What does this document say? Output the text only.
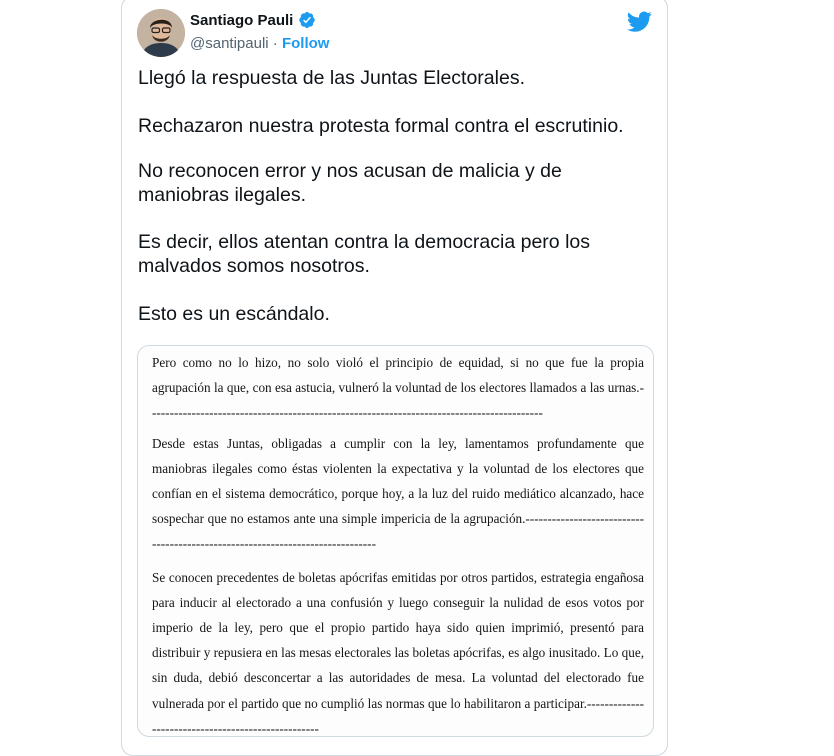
Santiago Pauli
@santipauli · Follow

Llegó la respuesta de las Juntas Electorales.

Rechazaron nuestra protesta formal contra el escrutinio.

No reconocen error y nos acusan de malicia y de
maniobras ilegales.

Es decir, ellos atentan contra la democracia pero los
malvados somos nosotros.

Esto es un escándalo.

Pero como no lo hizo, no solo violó el principio de equidad, si no que fue la propia agrupación la que, con esa astucia, vulneró la voluntad de los electores llamados a las urnas.------------------------------------------------------------------------------------------

Desde estas Juntas, obligadas a cumplir con la ley, lamentamos profundamente que maniobras ilegales como éstas violenten la expectativa y la voluntad de los electores que confían en el sistema democrático, porque hoy, a la luz del ruido mediático alcanzado, hace sospechar que no estamos ante una simple impericia de la agrupación.------------------------------------------------------------------------------

Se conocen precedentes de boletas apócrifas emitidas por otros partidos, estrategia engañosa para inducir al electorado a una confusión y luego conseguir la nulidad de esos votos por imperio de la ley, pero que el propio partido haya sido quien imprimió, presentó para distribuir y repusiera en las mesas electorales las boletas apócrifas, es algo inusitado. Lo que, sin duda, debió desconcertar a las autoridades de mesa. La voluntad del electorado fue vulnerada por el partido que no cumplió las normas que lo habilitaron a participar.---------------------------------------------------
